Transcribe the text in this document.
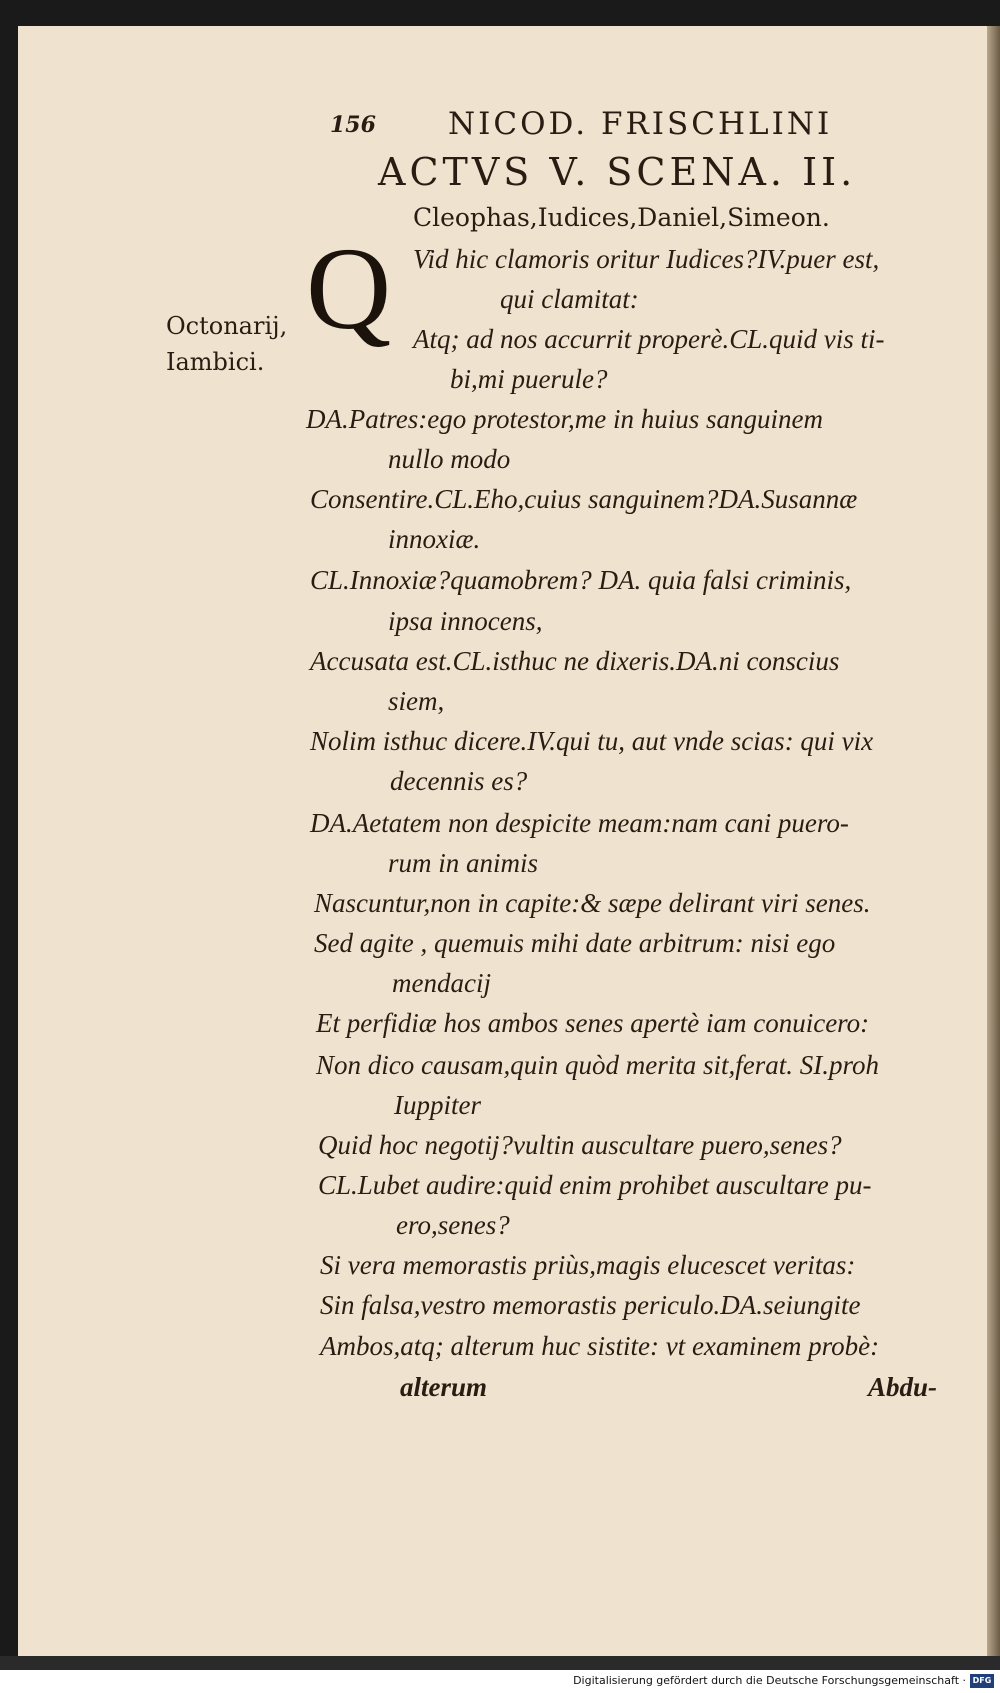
156 NICOD. FRISCHLINI
ACTVS V. SCENA. II.
Cleophas,Iudices,Daniel,Simeon.
Octonarij,
Iambici.
Q Vid hic clamoris oritur Iudices?IV.puer est,
qui clamitat:
Atq; ad nos accurrit properè.CL.quid vis ti-
bi,mi puerule?
DA.Patres:ego protestor,me in huius sanguinem
nullo modo
Consentire.CL.Eho,cuius sanguinem?DA.Susannæ
innoxiæ.
CL.Innoxiæ?quamobrem? DA. quia falsi criminis,
ipsa innocens,
Accusata est.CL.isthuc ne dixeris.DA.ni conscius
siem,
Nolim isthuc dicere.IV.qui tu, aut vnde scias: qui vix
decennis es?
DA.Aetatem non despicite meam:nam cani puero-
rum in animis
Nascuntur,non in capite:& sæpe delirant viri senes.
Sed agite , quemuis mihi date arbitrum: nisi ego
mendacij
Et perfidiæ hos ambos senes apertè iam conuicero:
Non dico causam,quin quòd merita sit,ferat. SI.proh
Iuppiter
Quid hoc negotij?vultin auscultare puero,senes?
CL.Lubet audire:quid enim prohibet auscultare pu-
ero,senes?
Si vera memorastis priùs,magis elucescet veritas:
Sin falsa,vestro memorastis periculo.DA.seiungite
Ambos,atq; alterum huc sistite: vt examinem probè:
alterum	Abdu-
Digitalisierung gefördert durch die Deutsche Forschungsgemeinschaft · DFG
